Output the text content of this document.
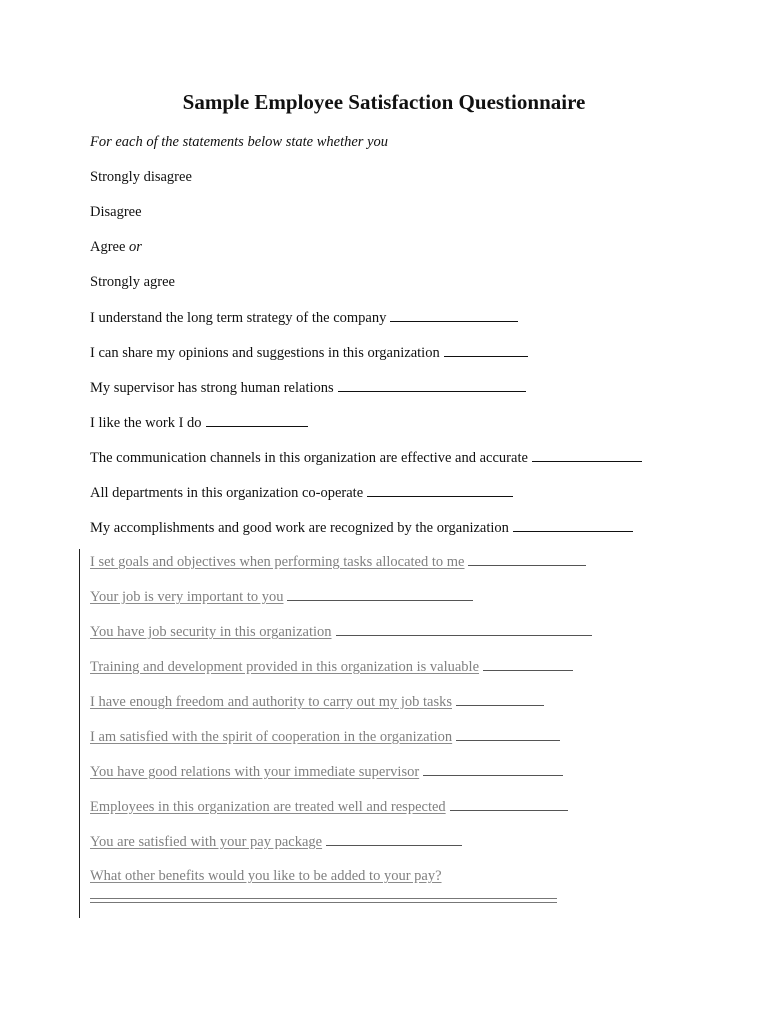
Sample Employee Satisfaction Questionnaire
For each of the statements below state whether you
Strongly disagree
Disagree
Agree or
Strongly agree
I understand the long term strategy of the company
I can share my opinions and suggestions in this organization
My supervisor has strong human relations
I like the work I do
The communication channels in this organization are effective and accurate
All departments in this organization co-operate
My accomplishments and good work are recognized by the organization
I set goals and objectives when performing tasks allocated to me
Your job is very important to you
You have job security in this organization
Training and development provided in this organization is valuable
I have enough freedom and authority to carry out my job tasks
I am satisfied with the spirit of cooperation in the organization
You have good relations with your immediate supervisor
Employees in this organization are treated well and respected
You are satisfied with your pay package
What other benefits would you like to be added to your pay?
